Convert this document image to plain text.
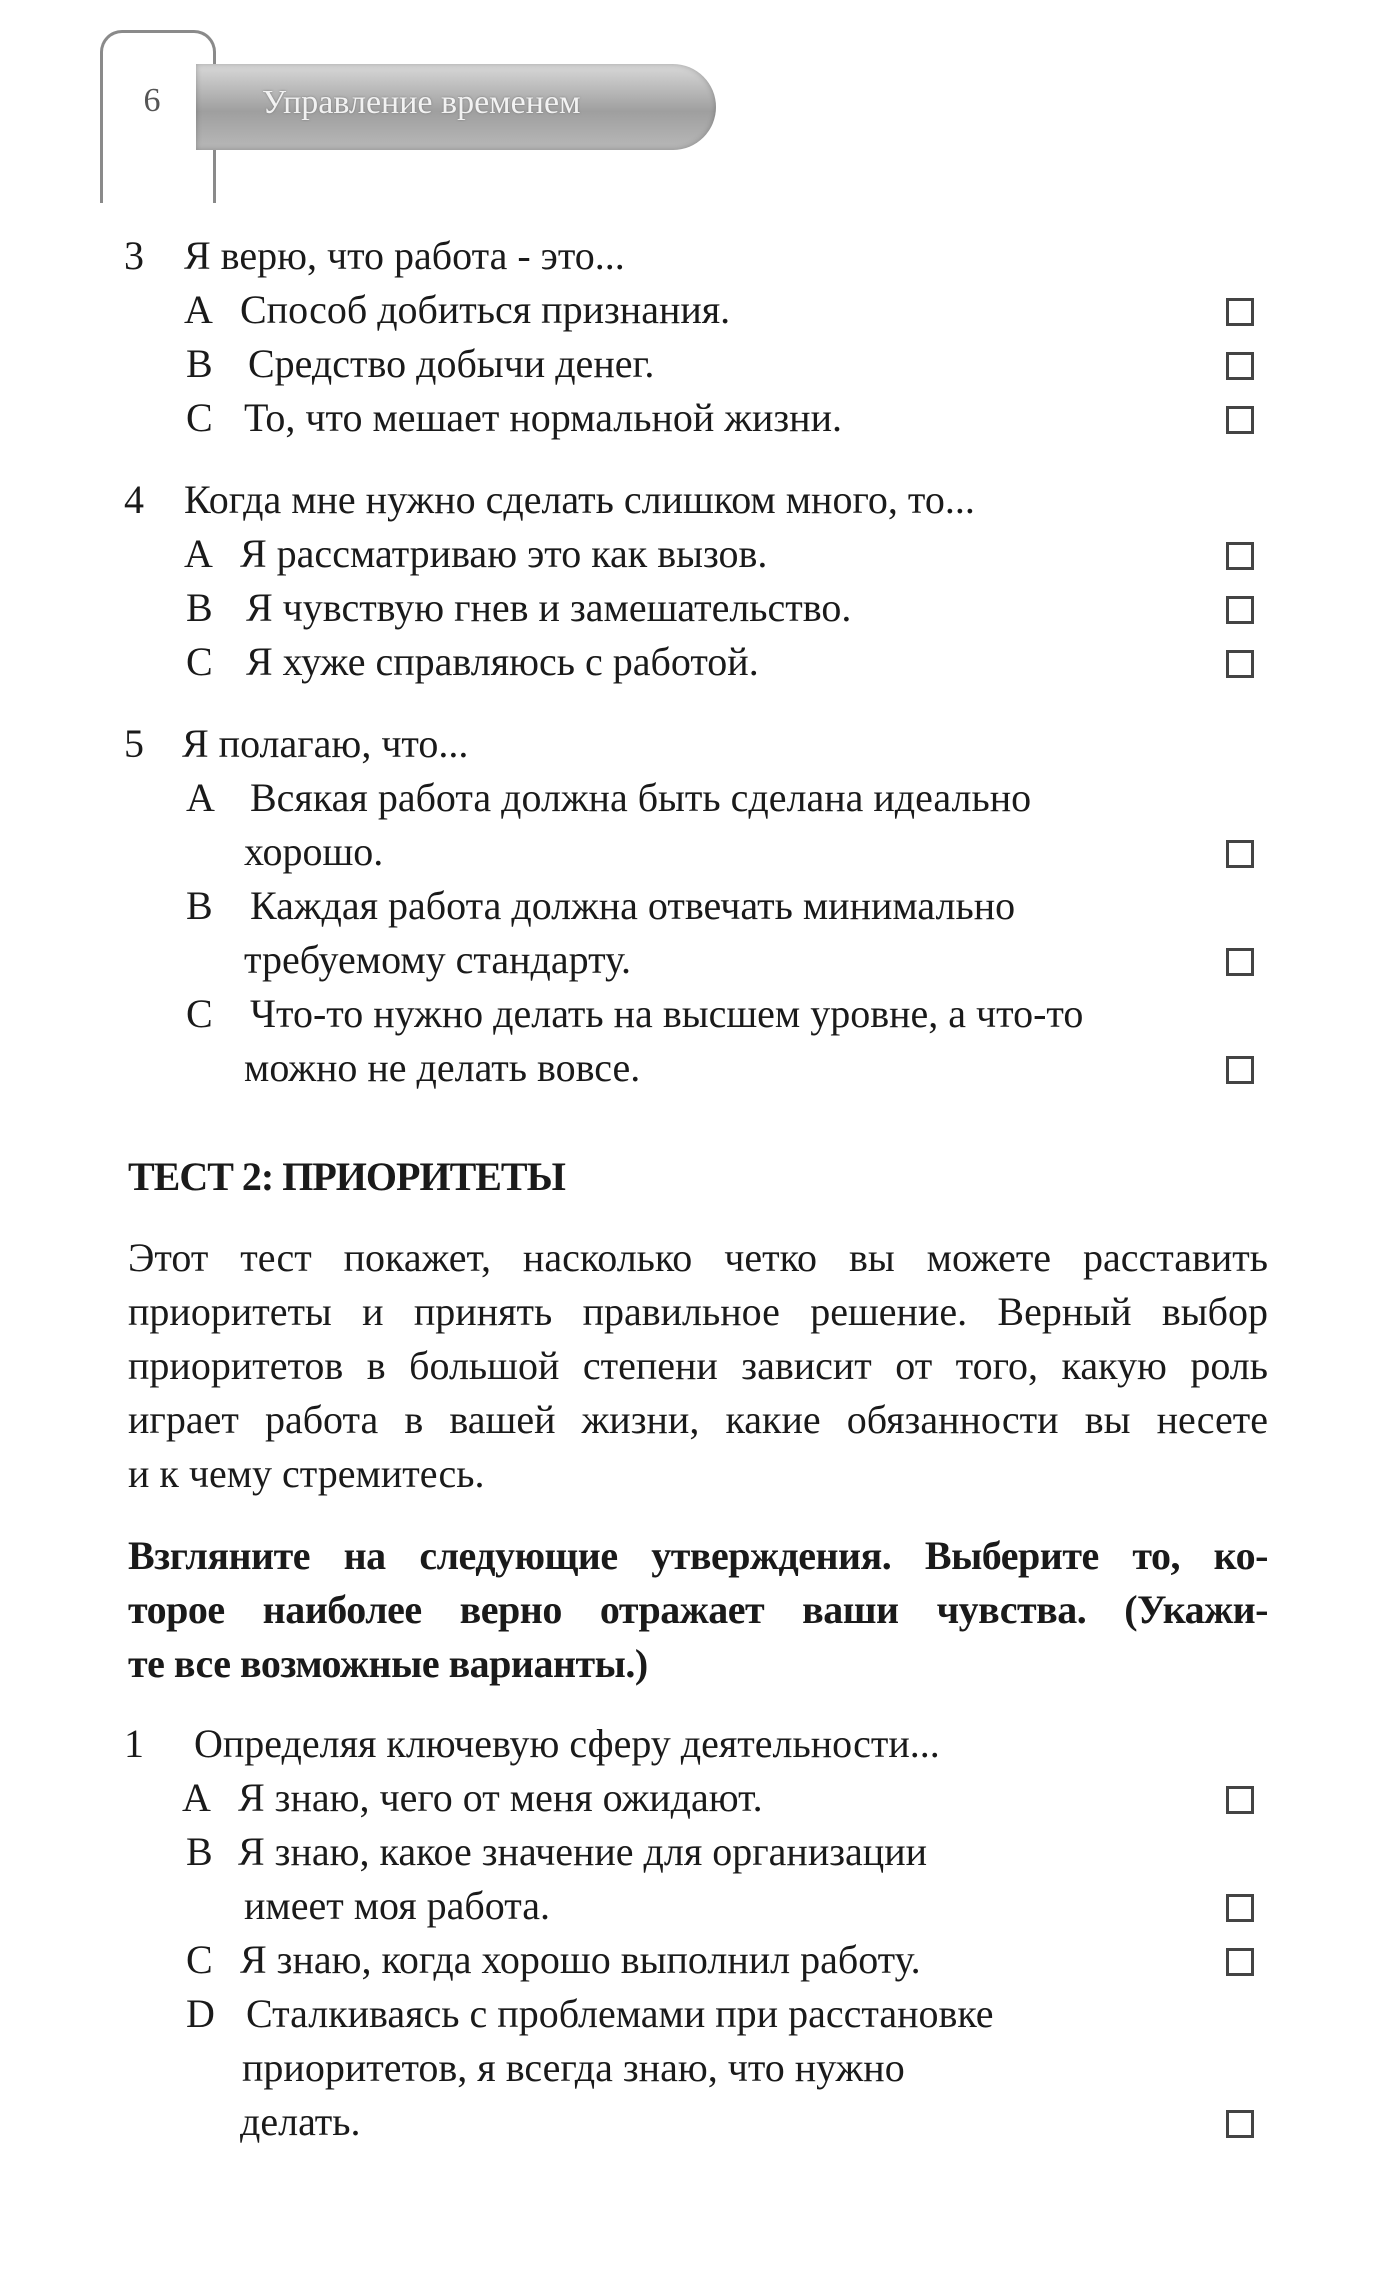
6	Управление временем
3 Я верю, что работа - это...
A Способ добиться признания.
B Средство добычи денег.
C То, что мешает нормальной жизни.
4 Когда мне нужно сделать слишком много, то...
A Я рассматриваю это как вызов.
B Я чувствую гнев и замешательство.
C Я хуже справляюсь с работой.
5 Я полагаю, что...
A Всякая работа должна быть сделана идеально
хорошо.
B Каждая работа должна отвечать минимально
требуемому стандарту.
C Что-то нужно делать на высшем уровне, а что-то
можно не делать вовсе.
ТЕСТ 2: ПРИОРИТЕТЫ
Этот тест покажет, насколько четко вы можете расставить
приоритеты и принять правильное решение. Верный выбор
приоритетов в большой степени зависит от того, какую роль
играет работа в вашей жизни, какие обязанности вы несете
и к чему стремитесь.
Взгляните на следующие утверждения. Выберите то, ко-
торое наиболее верно отражает ваши чувства. (Укажи-
те все возможные варианты.)
1 Определяя ключевую сферу деятельности...
A Я знаю, чего от меня ожидают.
B Я знаю, какое значение для организации
имеет моя работа.
C Я знаю, когда хорошо выполнил работу.
D Сталкиваясь с проблемами при расстановке
приоритетов, я всегда знаю, что нужно
делать.
